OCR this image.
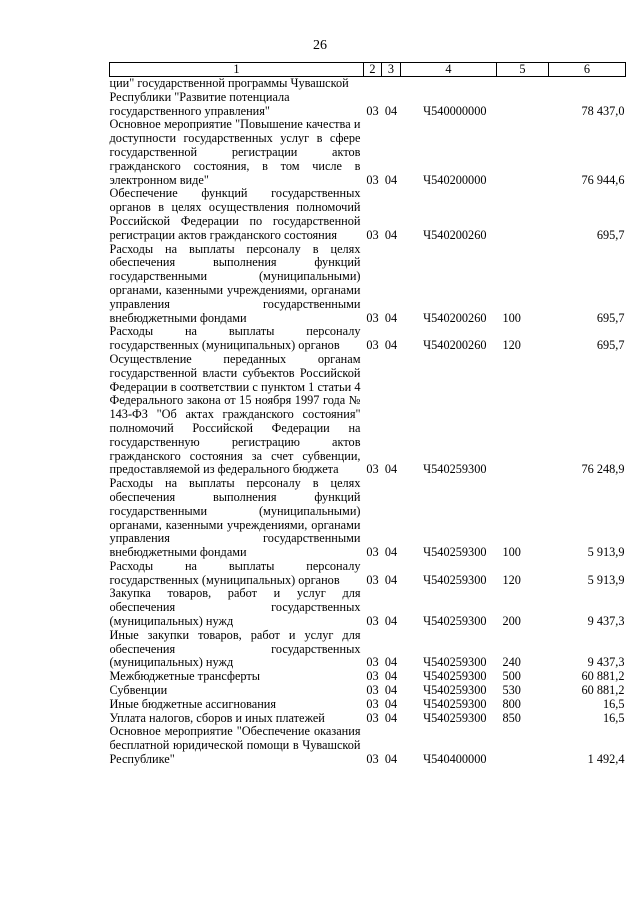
26
1	2	3	4	5	6
ции" государственной программы Чувашской Республики "Развитие потенциала государственного управления"	03	04	Ч540000000		78 437,0
Основное мероприятие "Повышение качества и доступности государственных услуг в сфере государственной регистрации актов гражданского состояния, в том числе в электронном виде"	03	04	Ч540200000		76 944,6
Обеспечение функций государственных органов в целях осуществления полномочий Российской Федерации по государственной регистрации актов гражданского состояния	03	04	Ч540200260		695,7
Расходы на выплаты персоналу в целях обеспечения выполнения функций государственными (муниципальными) органами, казенными учреждениями, органами управления государственными внебюджетными фондами	03	04	Ч540200260	100	695,7
Расходы на выплаты персоналу государственных (муниципальных) органов	03	04	Ч540200260	120	695,7
Осуществление переданных органам государственной власти субъектов Российской Федерации в соответствии с пунктом 1 статьи 4 Федерального закона от 15 ноября 1997 года № 143-ФЗ "Об актах гражданского состояния" полномочий Российской Федерации на государственную регистрацию актов гражданского состояния за счет субвенции, предоставляемой из федерального бюджета	03	04	Ч540259300		76 248,9
Расходы на выплаты персоналу в целях обеспечения выполнения функций государственными (муниципальными) органами, казенными учреждениями, органами управления государственными внебюджетными фондами	03	04	Ч540259300	100	5 913,9
Расходы на выплаты персоналу государственных (муниципальных) органов	03	04	Ч540259300	120	5 913,9
Закупка товаров, работ и услуг для обеспечения государственных (муниципальных) нужд	03	04	Ч540259300	200	9 437,3
Иные закупки товаров, работ и услуг для обеспечения государственных (муниципальных) нужд	03	04	Ч540259300	240	9 437,3
Межбюджетные трансферты	03	04	Ч540259300	500	60 881,2
Субвенции	03	04	Ч540259300	530	60 881,2
Иные бюджетные ассигнования	03	04	Ч540259300	800	16,5
Уплата налогов, сборов и иных платежей	03	04	Ч540259300	850	16,5
Основное мероприятие "Обеспечение оказания бесплатной юридической помощи в Чувашской Республике"	03	04	Ч540400000		1 492,4
